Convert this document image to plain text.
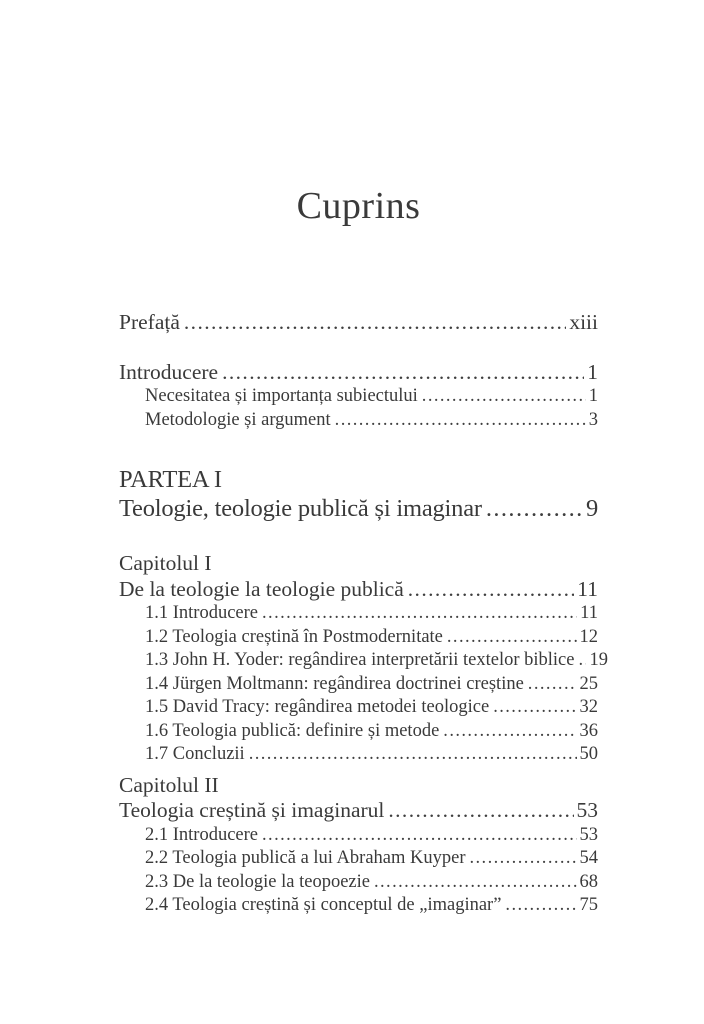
Cuprins
Prefață .....	xiii
Introducere .....	1
Necesitatea și importanța subiectului .....	1
Metodologie și argument .....	3
PARTEA I
Teologie, teologie publică și imaginar .....	9
Capitolul I
De la teologie la teologie publică .....	11
1.1 Introducere .....	11
1.2 Teologia creștină în Postmodernitate .....	12
1.3 John H. Yoder: regândirea interpretării textelor biblice ..... 19
1.4 Jürgen Moltmann: regândirea doctrinei creștine .....	25
1.5 David Tracy: regândirea metodei teologice .....	32
1.6 Teologia publică: definire și metode .....	36
1.7 Concluzii .....	50
Capitolul II
Teologia creștină și imaginarul .....	53
2.1 Introducere .....	53
2.2 Teologia publică a lui Abraham Kuyper .....	54
2.3 De la teologie la teopoezie .....	68
2.4 Teologia creștină și conceptul de „imaginar” .....	75
